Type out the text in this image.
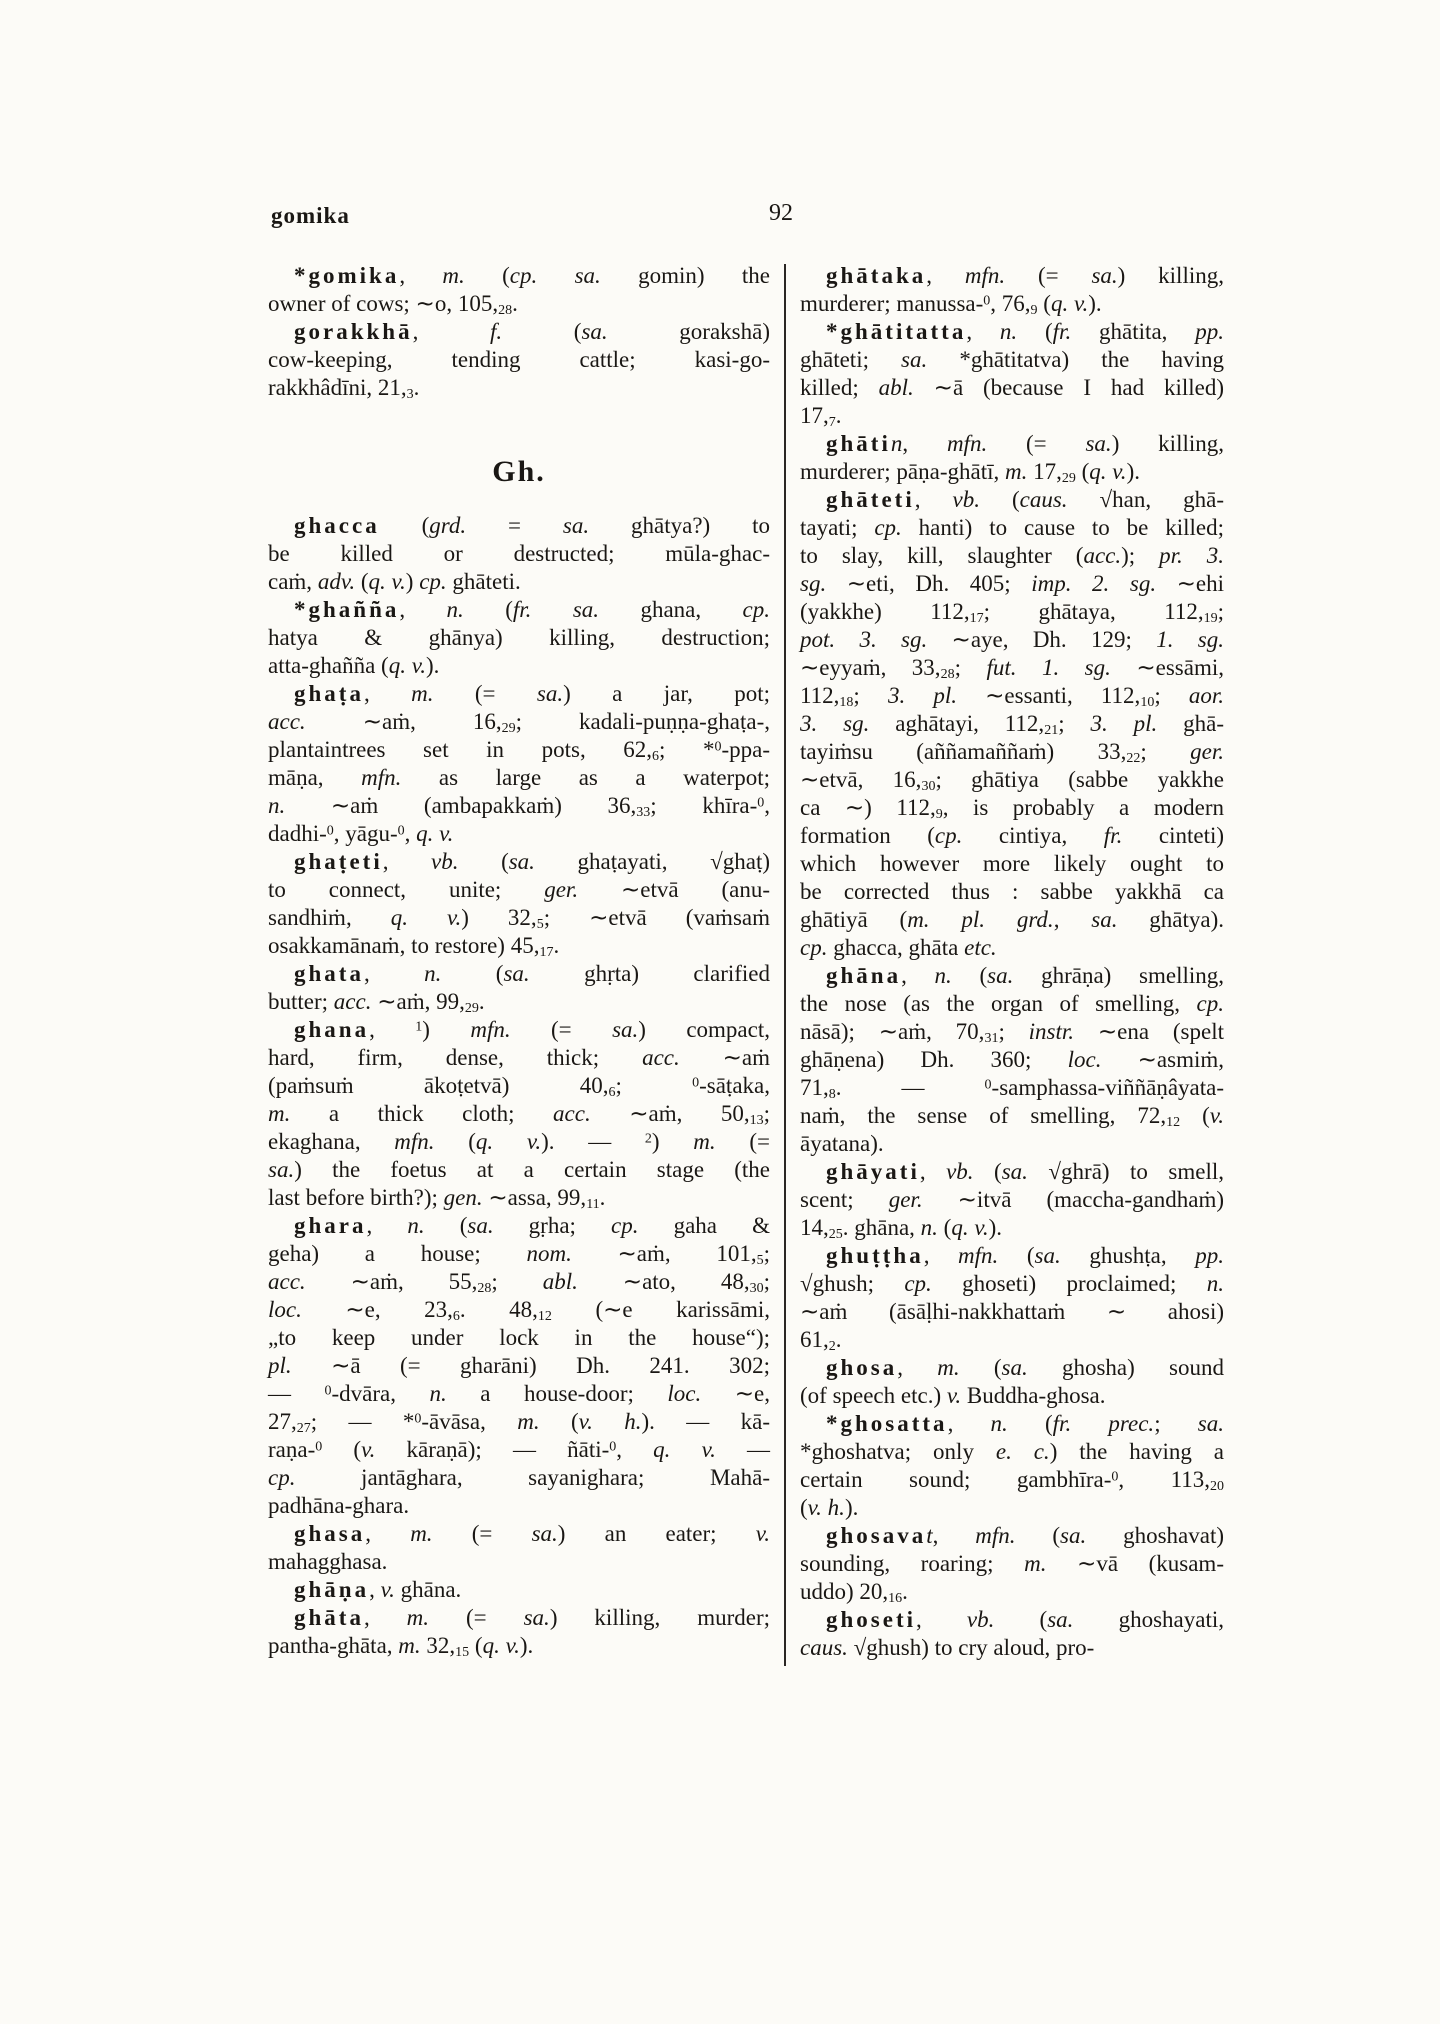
gomika	92
*gomika, m. (cp. sa. gomin) the
owner of cows; ∼o, $105,_{28}$.
gorakkhā, f. (sa. gorakshā)
cow-keeping, tending cattle; kasi-go-
rakkhâdīni, $21,_3$.
Gh.
ghacca (grd. = sa. ghātya?) to
be killed or destructed; mūla-ghac-
caṁ, adv. (q. v.) cp. ghāteti.
*ghañña, n. (fr. sa. ghana, cp.
hatya & ghānya) killing, destruction;
atta-ghañña (q. v.).
ghaṭa, m. (= sa.) a jar, pot;
acc. ∼aṁ, $16,_{29}$; kadali-puṇṇa-ghaṭa-,
plantaintrees set in pots, $62,_6$; *$^0$-ppa-
māṇa, mfn. as large as a waterpot;
n. ∼aṁ (ambapakkaṁ) $36,_{33}$; khīra-$^0$,
dadhi-$^0$, yāgu-$^0$, q. v.
ghaṭeti, vb. (sa. ghaṭayati, √ghaṭ)
to connect, unite; ger. ∼etvā (anu-
sandhiṁ, q. v.) $32,_5$; ∼etvā (vaṁsaṁ
osakkamānaṁ, to restore) $45,_{17}$.
ghata, n. (sa. ghṛta) clarified
butter; acc. ∼aṁ, $99,_{29}$.
ghana, $^1$) mfn. (= sa.) compact,
hard, firm, dense, thick; acc. ∼aṁ
(paṁsuṁ ākoṭetvā) $40,_6$; $^0$-sāṭaka,
m. a thick cloth; acc. ∼aṁ, $50,_{13}$;
ekaghana, mfn. (q. v.). — $^2$) m. (=
sa.) the foetus at a certain stage (the
last before birth?); gen. ∼assa, $99,_{11}$.
ghara, n. (sa. gṛha; cp. gaha &
geha) a house; nom. ∼aṁ, $101,_5$;
acc. ∼aṁ, $55,_{28}$; abl. ∼ato, $48,_{30}$;
loc. ∼e, $23,_6$. $48,_{12}$ (∼e karissāmi,
„to keep under lock in the house“);
pl. ∼ā (= gharāni) Dh. 241. 302;
— $^0$-dvāra, n. a house-door; loc. ∼e,
$27,_{27}$; — *$^0$-āvāsa, m. (v. h.). — kā-
raṇa-$^0$ (v. kāraṇā); — ñāti-$^0$, q. v. —
cp. jantāghara, sayanighara; Mahā-
padhāna-ghara.
ghasa, m. (= sa.) an eater; v.
mahagghasa.
ghāṇa, v. ghāna.
ghāta, m. (= sa.) killing, murder;
pantha-ghāta, m. $32,_{15}$ (q. v.).
ghātaka, mfn. (= sa.) killing,
murderer; manussa-$^0$, $76,_9$ (q. v.).
*ghātitatta, n. (fr. ghātita, pp.
ghāteti; sa. *ghātitatva) the having
killed; abl. ∼ā (because I had killed)
$17,_7$.
ghātin, mfn. (= sa.) killing,
murderer; pāṇa-ghātī, m. $17,_{29}$ (q. v.).
ghāteti, vb. (caus. √han, ghā-
tayati; cp. hanti) to cause to be killed;
to slay, kill, slaughter (acc.); pr. 3.
sg. ∼eti, Dh. 405; imp. 2. sg. ∼ehi
(yakkhe) $112,_{17}$; ghātaya, $112,_{19}$;
pot. 3. sg. ∼aye, Dh. 129; 1. sg.
∼eyyaṁ, $33,_{28}$; fut. 1. sg. ∼essāmi,
$112,_{18}$; 3. pl. ∼essanti, $112,_{10}$; aor.
3. sg. aghātayi, $112,_{21}$; 3. pl. ghā-
tayiṁsu (aññamaññaṁ) $33,_{22}$; ger.
∼etvā, $16,_{30}$; ghātiya (sabbe yakkhe
ca ∼) $112,_9$, is probably a modern
formation (cp. cintiya, fr. cinteti)
which however more likely ought to
be corrected thus : sabbe yakkhā ca
ghātiyā (m. pl. grd., sa. ghātya).
cp. ghacca, ghāta etc.
ghāna, n. (sa. ghrāṇa) smelling,
the nose (as the organ of smelling, cp.
nāsā); ∼aṁ, $70,_{31}$; instr. ∼ena (spelt
ghāṇena) Dh. 360; loc. ∼asmiṁ,
$71,_8$. — $^0$-samphassa-viññāṇâyata-
naṁ, the sense of smelling, $72,_{12}$ (v.
āyatana).
ghāyati, vb. (sa. √ghrā) to smell,
scent; ger. ∼itvā (maccha-gandhaṁ)
$14,_{25}$. ghāna, n. (q. v.).
ghuṭṭha, mfn. (sa. ghushṭa, pp.
√ghush; cp. ghoseti) proclaimed; n.
∼aṁ (āsāḷhi-nakkhattaṁ ∼ ahosi)
$61,_2$.
ghosa, m. (sa. ghosha) sound
(of speech etc.) v. Buddha-ghosa.
*ghosatta, n. (fr. prec.; sa.
*ghoshatva; only e. c.) the having a
certain sound; gambhīra-$^0$, $113,_{20}$
(v. h.).
ghosavat, mfn. (sa. ghoshavat)
sounding, roaring; m. ∼vā (kusam-
uddo) $20,_{16}$.
ghoseti, vb. (sa. ghoshayati,
caus. √ghush) to cry aloud, pro-
